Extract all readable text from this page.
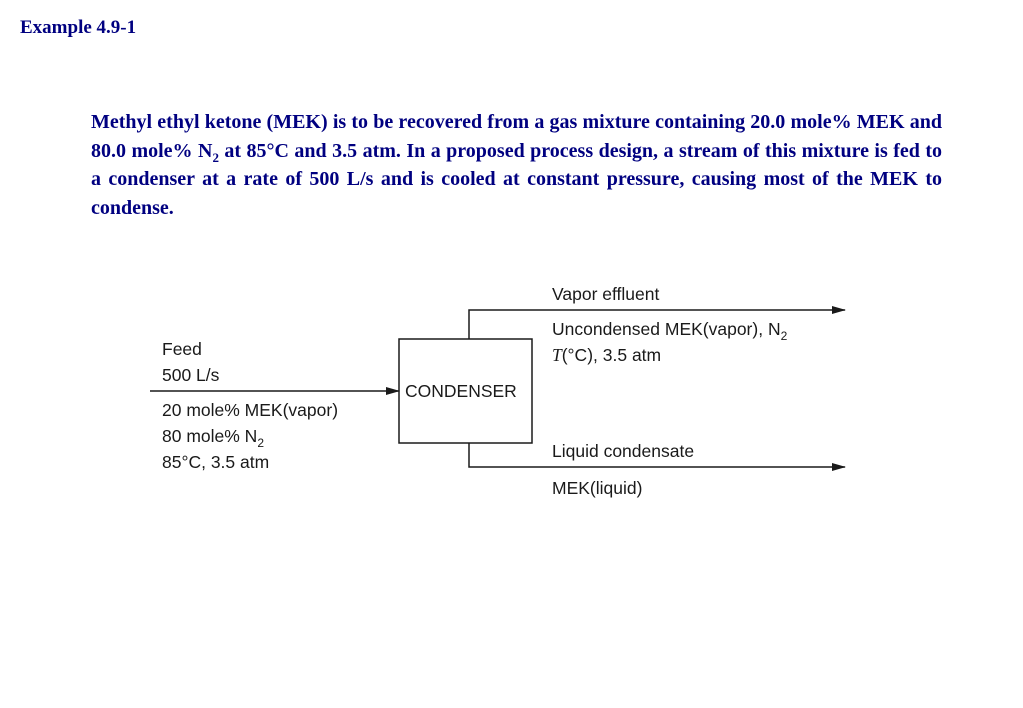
Example 4.9-1
Methyl ethyl ketone (MEK) is to be recovered from a gas mixture containing 20.0 mole% MEK and 80.0 mole% $N_2$ at 85°C and 3.5 atm. In a proposed process design, a stream of this mixture is fed to a condenser at a rate of 500 L/s and is cooled at constant pressure, causing most of the MEK to condense.
CONDENSER
Feed
500 L/s
20 mole% MEK(vapor)
80 mole% $N_2$
85°C, 3.5 atm
Vapor effluent
Uncondensed MEK(vapor), $N_2$
T(°C), 3.5 atm
Liquid condensate
MEK(liquid)
